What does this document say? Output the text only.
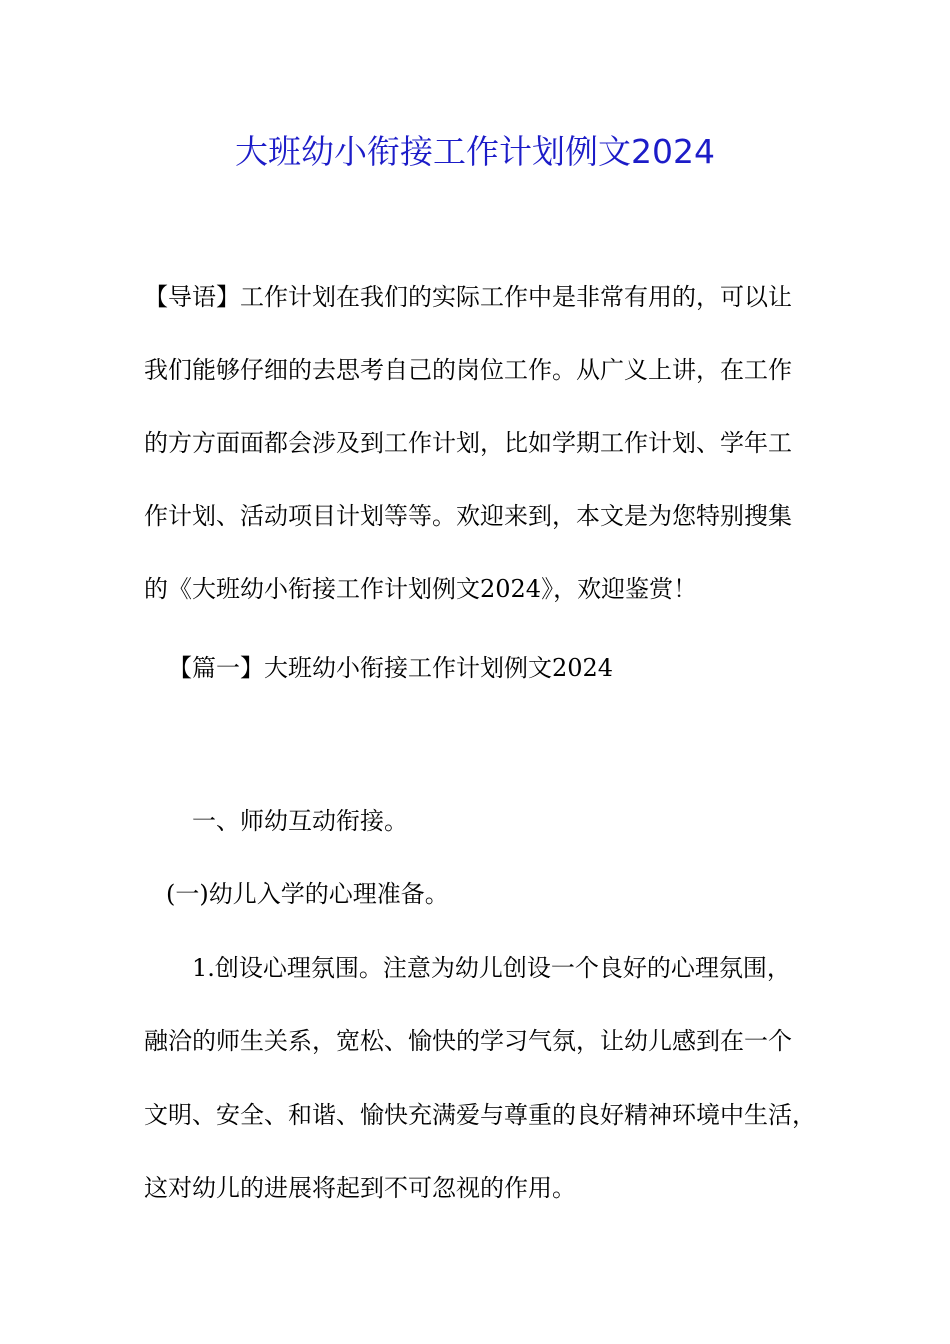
大班幼小衔接工作计划例文2024
【导语】工作计划在我们的实际工作中是非常有用的，可以让
我们能够仔细的去思考自己的岗位工作。从广义上讲，在工作
的方方面面都会涉及到工作计划，比如学期工作计划、学年工
作计划、活动项目计划等等。欢迎来到，本文是为您特别搜集
的《大班幼小衔接工作计划例文2024》，欢迎鉴赏！
【篇一】大班幼小衔接工作计划例文2024
一、师幼互动衔接。
(一)幼儿入学的心理准备。
1.创设心理氛围。注意为幼儿创设一个良好的心理氛围，
融洽的师生关系，宽松、愉快的学习气氛，让幼儿感到在一个
文明、安全、和谐、愉快充满爱与尊重的良好精神环境中生活，
这对幼儿的进展将起到不可忽视的作用。
